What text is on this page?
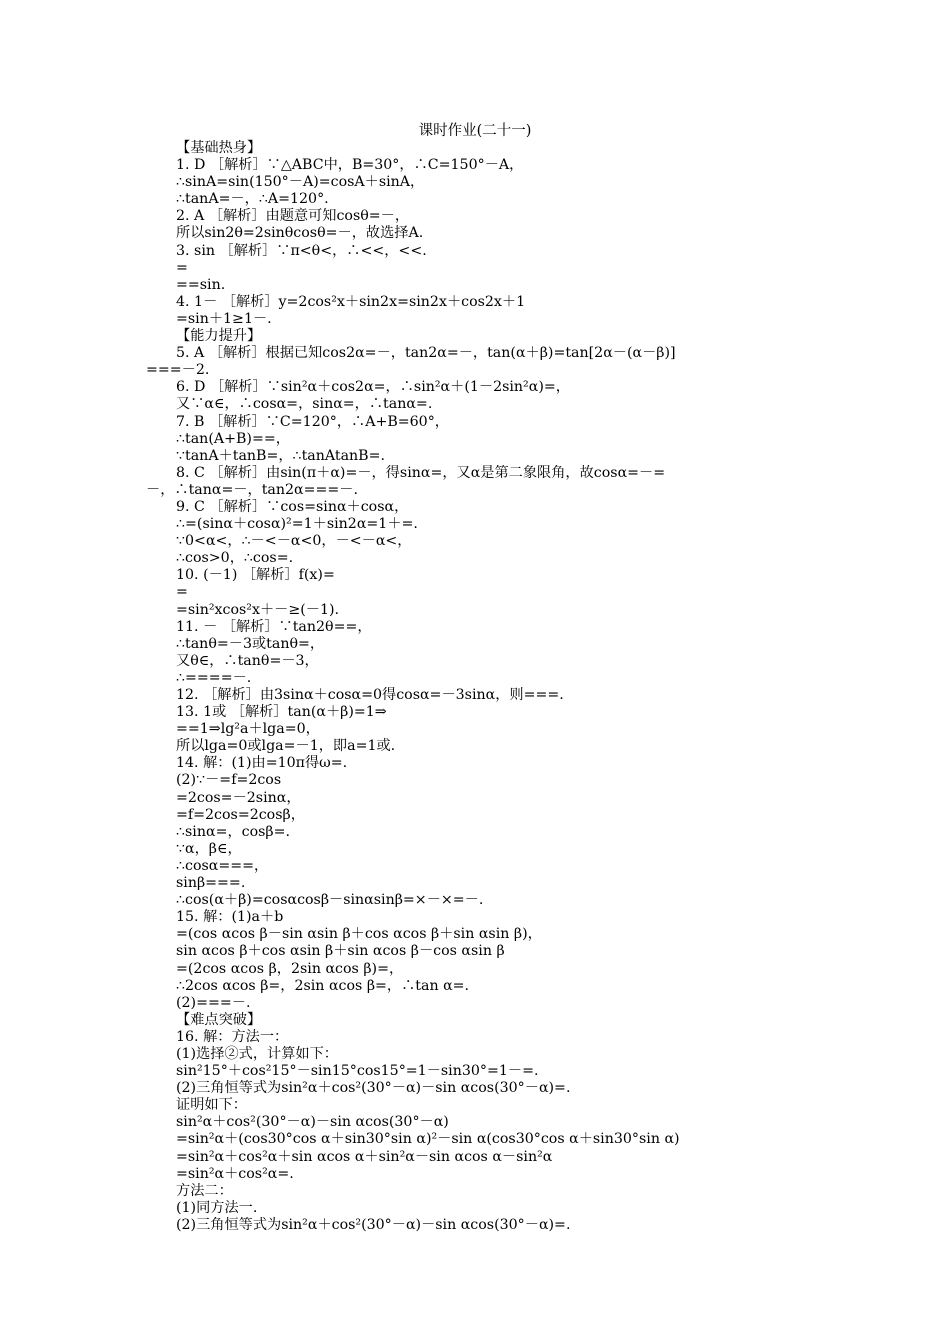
课时作业(二十一)
【基础热身】
1. D ［解析］∵△ABC中，B=30°，∴C=150°－A，
∴sinA=sin(150°－A)=cosA＋sinA，
∴tanA=－，∴A=120°.
2. A ［解析］由题意可知cosθ=－，
所以sin2θ=2sinθcosθ=－，故选择A.
3. sin ［解析］∵π<θ<，∴<<，<<.
=
==sin.
4. 1－ ［解析］y=2cos²x＋sin2x=sin2x＋cos2x＋1
=sin＋1≥1－.
【能力提升】
5. A ［解析］根据已知cos2α=－，tan2α=－，tan(α＋β)=tan[2α－(α－β)]
===－2.
6. D ［解析］∵sin²α＋cos2α=，∴sin²α＋(1－2sin²α)=，
又∵α∈，∴cosα=，sinα=，∴tanα=.
7. B ［解析］∵C=120°，∴A+B=60°，
∴tan(A+B)==，
∵tanA＋tanB=，∴tanAtanB=.
8. C ［解析］由sin(π＋α)=－，得sinα=，又α是第二象限角，故cosα=－=
－，∴tanα=－，tan2α===－.
9. C ［解析］∵cos=sinα＋cosα，
∴=(sinα＋cosα)²=1＋sin2α=1＋=.
∵0<α<，∴－<－α<0，－<－α<，
∴cos>0，∴cos=.
10. (－1) ［解析］f(x)=
=
=sin²xcos²x＋－≥(－1).
11. － ［解析］∵tan2θ==，
∴tanθ=－3或tanθ=，
又θ∈，∴tanθ=－3，
∴====－.
12. ［解析］由3sinα＋cosα=0得cosα=－3sinα，则===.
13. 1或 ［解析］tan(α＋β)=1⇒
==1⇒lg²a＋lga=0，
所以lga=0或lga=－1，即a=1或.
14. 解：(1)由=10π得ω=.
(2)∵－=f=2cos
=2cos=－2sinα，
=f=2cos=2cosβ，
∴sinα=，cosβ=.
∵α，β∈，
∴cosα===，
sinβ===.
∴cos(α＋β)=cosαcosβ－sinαsinβ=×－×=－.
15. 解：(1)a＋b
=(cos αcos β－sin αsin β＋cos αcos β＋sin αsin β)，
sin αcos β＋cos αsin β＋sin αcos β－cos αsin β
=(2cos αcos β，2sin αcos β)=，
∴2cos αcos β=，2sin αcos β=，∴tan α=.
(2)===－.
【难点突破】
16. 解：方法一：
(1)选择②式，计算如下：
sin²15°＋cos²15°－sin15°cos15°=1－sin30°=1－=.
(2)三角恒等式为sin²α＋cos²(30°－α)－sin αcos(30°－α)=.
证明如下：
sin²α＋cos²(30°－α)－sin αcos(30°－α)
=sin²α＋(cos30°cos α＋sin30°sin α)²－sin α(cos30°cos α＋sin30°sin α)
=sin²α＋cos²α＋sin αcos α＋sin²α－sin αcos α－sin²α
=sin²α＋cos²α=.
方法二：
(1)同方法一.
(2)三角恒等式为sin²α＋cos²(30°－α)－sin αcos(30°－α)=.
